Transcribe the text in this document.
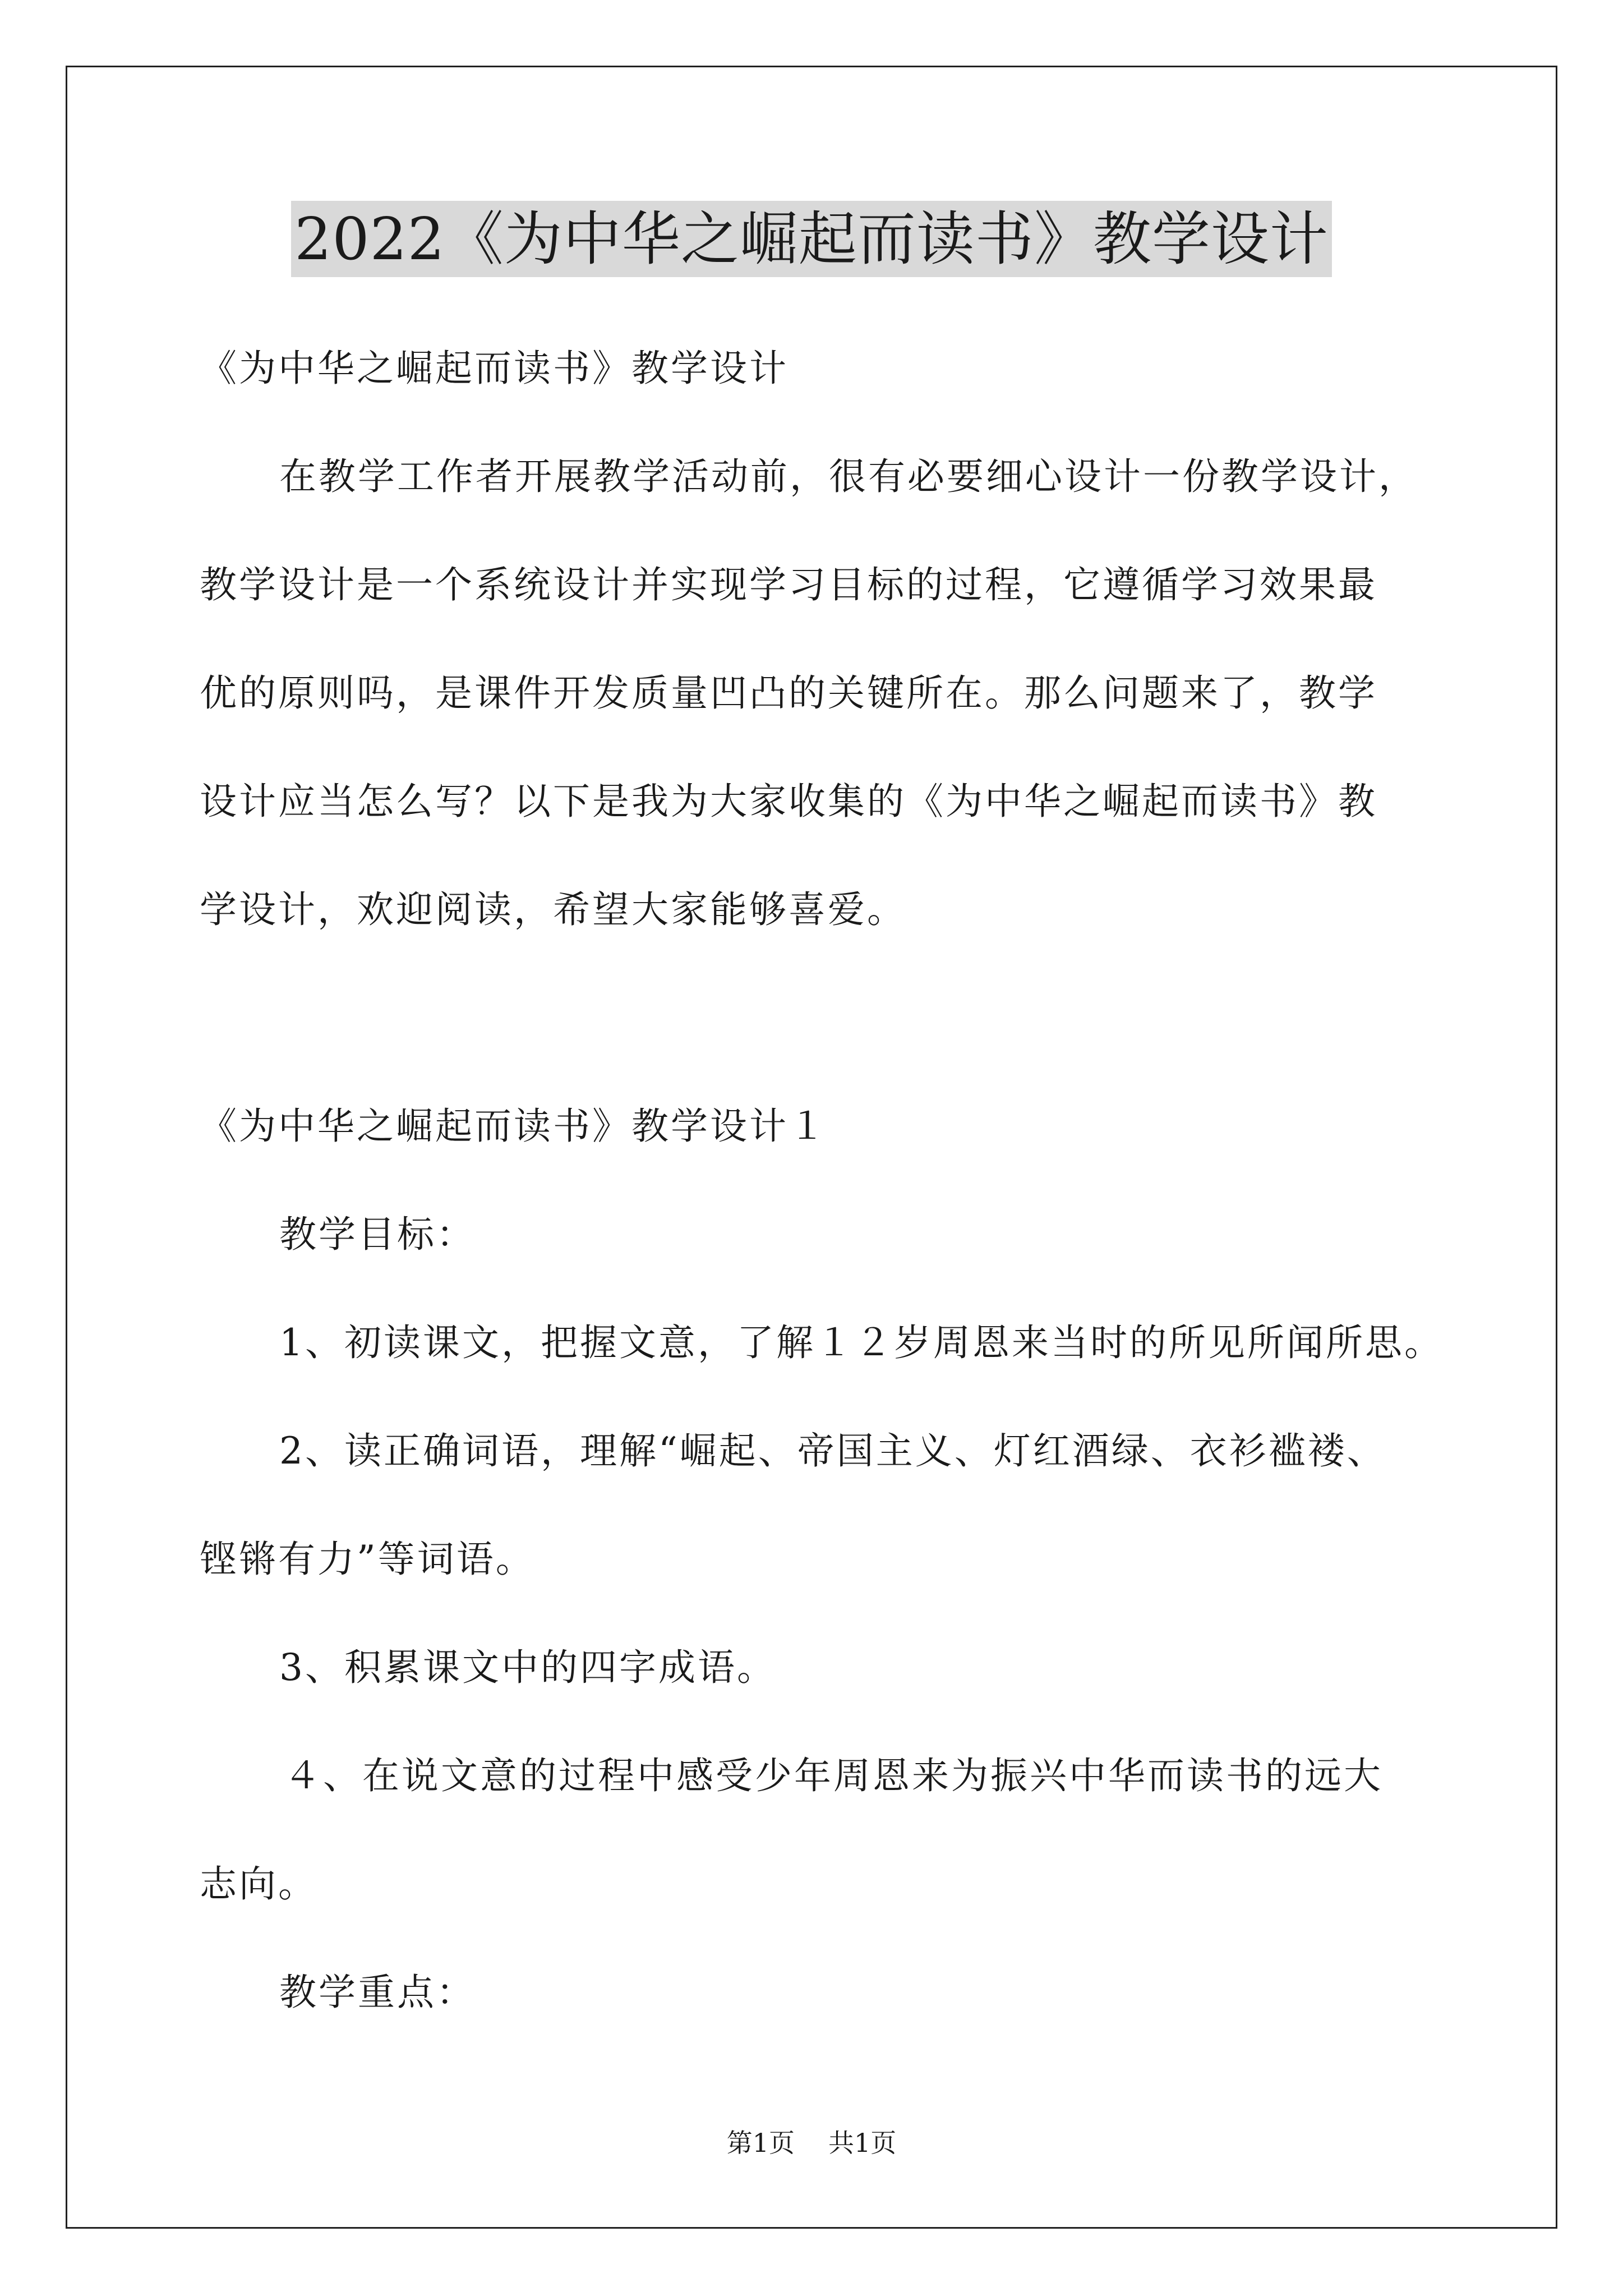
2022《为中华之崛起而读书》教学设计
《为中华之崛起而读书》教学设计
在教学工作者开展教学活动前，很有必要细心设计一份教学设计，
教学设计是一个系统设计并实现学习目标的过程，它遵循学习效果最
优的原则吗，是课件开发质量凹凸的关键所在。那么问题来了，教学
设计应当怎么写？以下是我为大家收集的《为中华之崛起而读书》教
学设计，欢迎阅读，希望大家能够喜爱。
《为中华之崛起而读书》教学设计１
教学目标：
1、初读课文，把握文意，了解１２岁周恩来当时的所见所闻所思。
2、读正确词语，理解“崛起、帝国主义、灯红酒绿、衣衫褴褛、
铿锵有力”等词语。
3、积累课文中的四字成语。
４、在说文意的过程中感受少年周恩来为振兴中华而读书的远大
志向。
教学重点：
第1页 共1页
